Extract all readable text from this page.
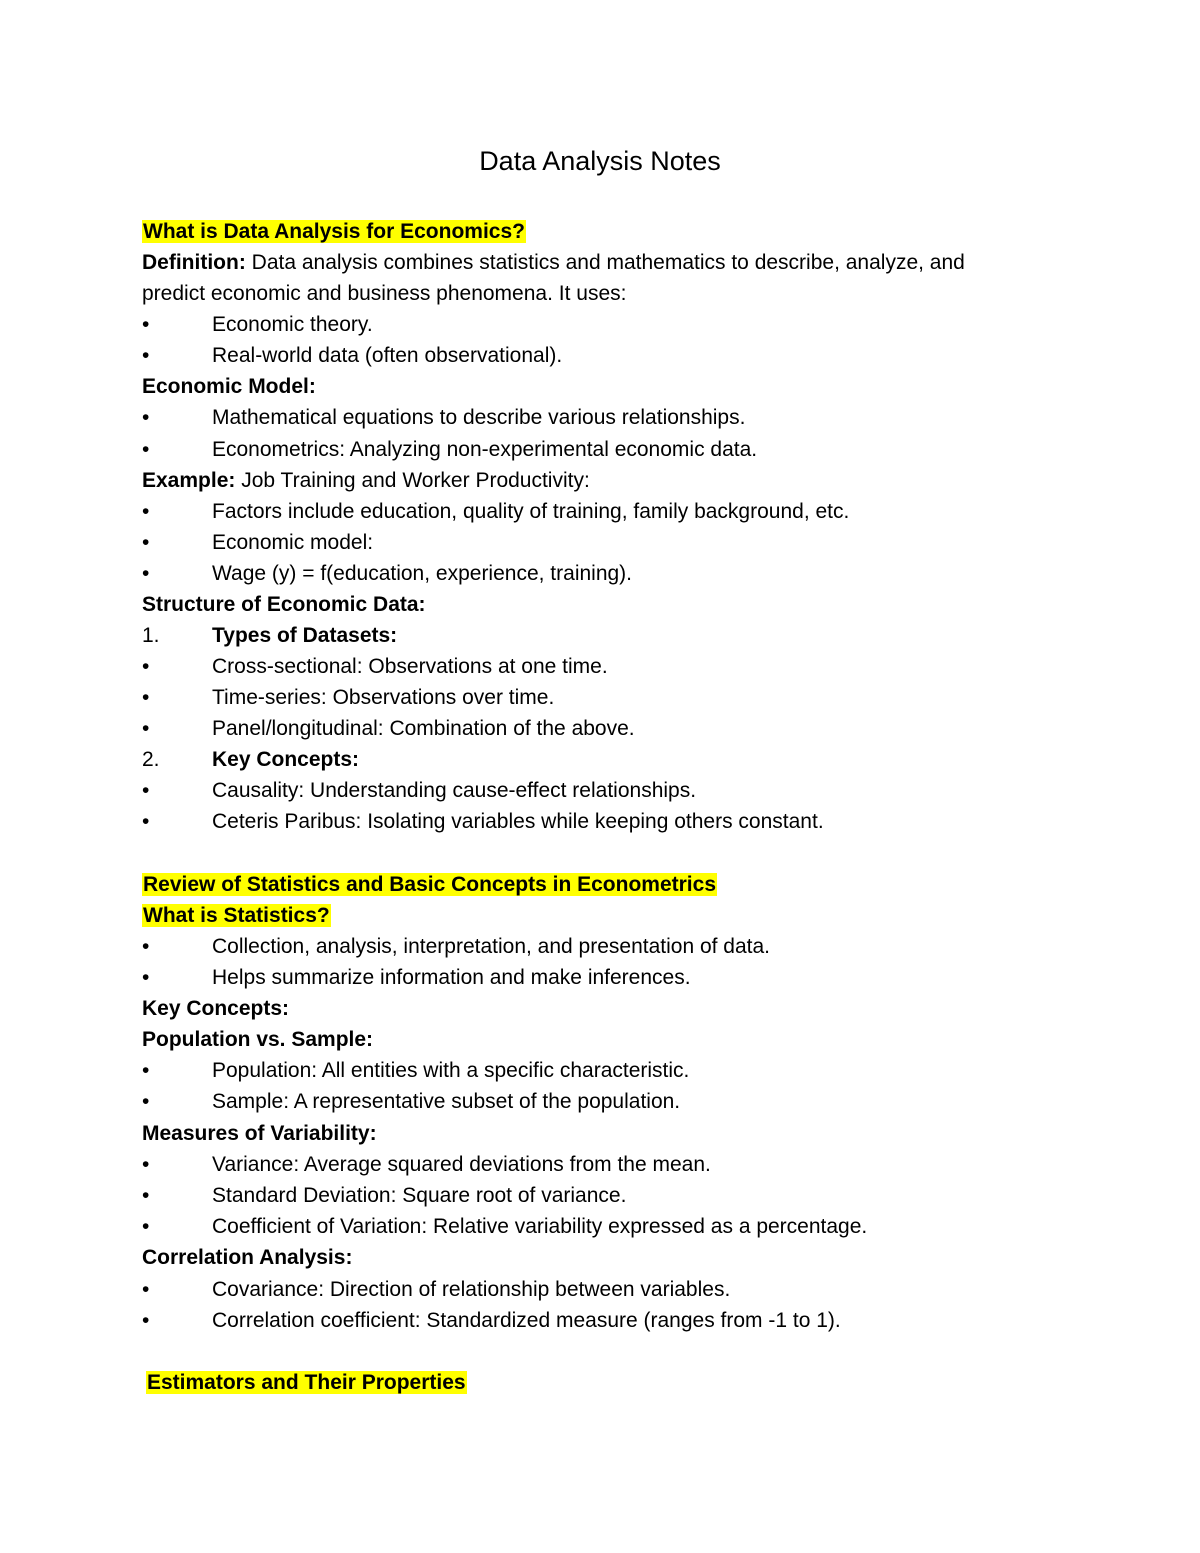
Data Analysis Notes
What is Data Analysis for Economics?
Definition: Data analysis combines statistics and mathematics to describe, analyze, and
predict economic and business phenomena. It uses:
•	Economic theory.
•	Real-world data (often observational).
Economic Model:
•	Mathematical equations to describe various relationships.
•	Econometrics: Analyzing non-experimental economic data.
Example: Job Training and Worker Productivity:
•	Factors include education, quality of training, family background, etc.
•	Economic model:
•	Wage (y) = f(education, experience, training).
Structure of Economic Data:
1.	Types of Datasets:
•	Cross-sectional: Observations at one time.
•	Time-series: Observations over time.
•	Panel/longitudinal: Combination of the above.
2.	Key Concepts:
•	Causality: Understanding cause-effect relationships.
•	Ceteris Paribus: Isolating variables while keeping others constant.
Review of Statistics and Basic Concepts in Econometrics
What is Statistics?
•	Collection, analysis, interpretation, and presentation of data.
•	Helps summarize information and make inferences.
Key Concepts:
Population vs. Sample:
•	Population: All entities with a specific characteristic.
•	Sample: A representative subset of the population.
Measures of Variability:
•	Variance: Average squared deviations from the mean.
•	Standard Deviation: Square root of variance.
•	Coefficient of Variation: Relative variability expressed as a percentage.
Correlation Analysis:
•	Covariance: Direction of relationship between variables.
•	Correlation coefficient: Standardized measure (ranges from -1 to 1).
Estimators and Their Properties
